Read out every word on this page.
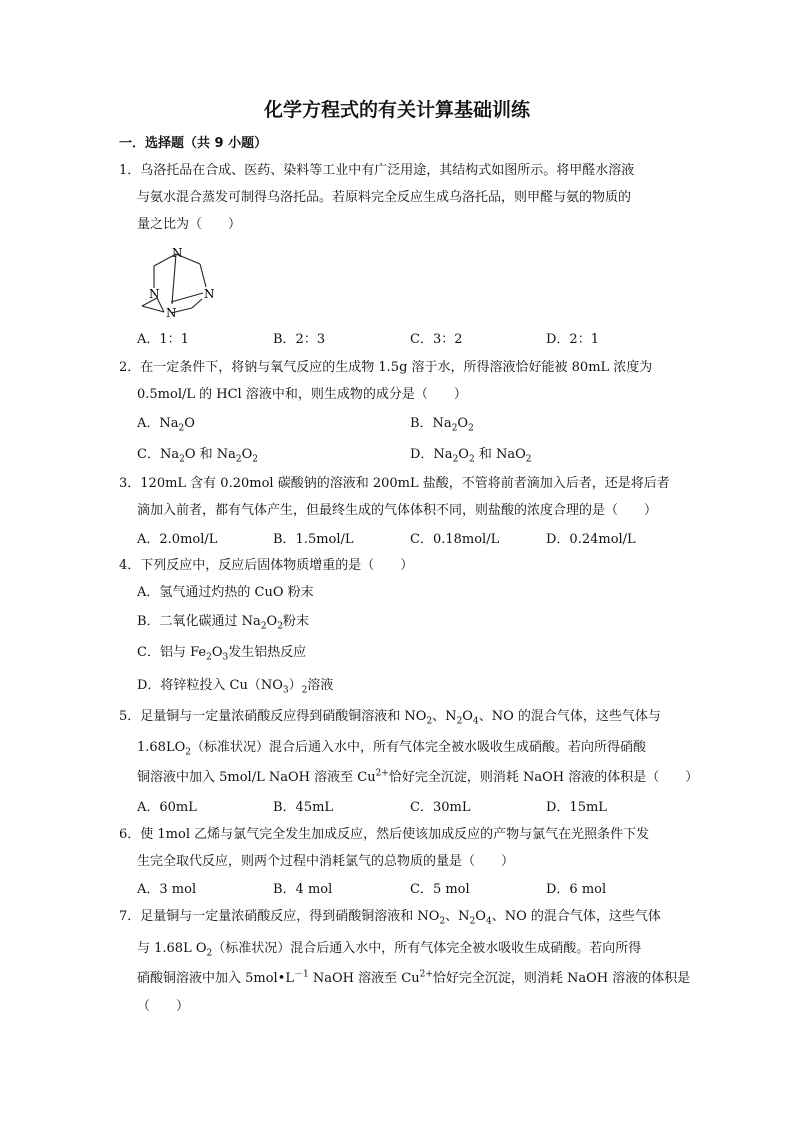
化学方程式的有关计算基础训练
一．选择题（共 9 小题）
1．乌洛托品在合成、医药、染料等工业中有广泛用途，其结构式如图所示。将甲醛水溶液
与氨水混合蒸发可制得乌洛托品。若原料完全反应生成乌洛托品，则甲醛与氨的物质的
量之比为（　　）
N
N	N
N
A．1：1	B．2：3	C．3：2	D．2：1
2．在一定条件下，将钠与氧气反应的生成物 1.5g 溶于水，所得溶液恰好能被 80mL 浓度为
0.5mol/L 的 HCl 溶液中和，则生成物的成分是（　　）
A．$Na_2O$	B．$Na_2O_2$
C．$Na_2O$ 和 $Na_2O_2$	D．$Na_2O_2$ 和 NaO$_2$
3．120mL 含有 0.20mol 碳酸钠的溶液和 200mL 盐酸，不管将前者滴加入后者，还是将后者
滴加入前者，都有气体产生，但最终生成的气体体积不同，则盐酸的浓度合理的是（　　）
A．2.0mol/L	B．1.5mol/L	C．0.18mol/L	D．0.24mol/L
4．下列反应中，反应后固体物质增重的是（　　）
A．氢气通过灼热的 CuO 粉末
B．二氧化碳通过 $Na_2O_2$粉末
C．铝与 $Fe_2O_3$发生铝热反应
D．将锌粒投入 $Cu(NO_3)_2$溶液
5．足量铜与一定量浓硝酸反应得到硝酸铜溶液和 $NO_2$、$N_2O_4$、NO 的混合气体，这些气体与
$1.68LO_2$（标准状况）混合后通入水中，所有气体完全被水吸收生成硝酸。若向所得硝酸
铜溶液中加入 5mol/L NaOH 溶液至 $Cu^{2+}$恰好完全沉淀，则消耗 NaOH 溶液的体积是（　　）
A．60mL	B．45mL	C．30mL	D．15mL
6．使 1mol 乙烯与氯气完全发生加成反应，然后使该加成反应的产物与氯气在光照条件下发
生完全取代反应，则两个过程中消耗氯气的总物质的量是（　　）
A．3 mol	B．4 mol	C．5 mol	D．6 mol
7．足量铜与一定量浓硝酸反应，得到硝酸铜溶液和 $NO_2$、$N_2O_4$、NO 的混合气体，这些气体
与 1.68L $O_2$（标准状况）混合后通入水中，所有气体完全被水吸收生成硝酸。若向所得
硝酸铜溶液中加入 $5mol•L^{-1}$ NaOH 溶液至 $Cu^{2+}$恰好完全沉淀，则消耗 NaOH 溶液的体积是
（　　）
